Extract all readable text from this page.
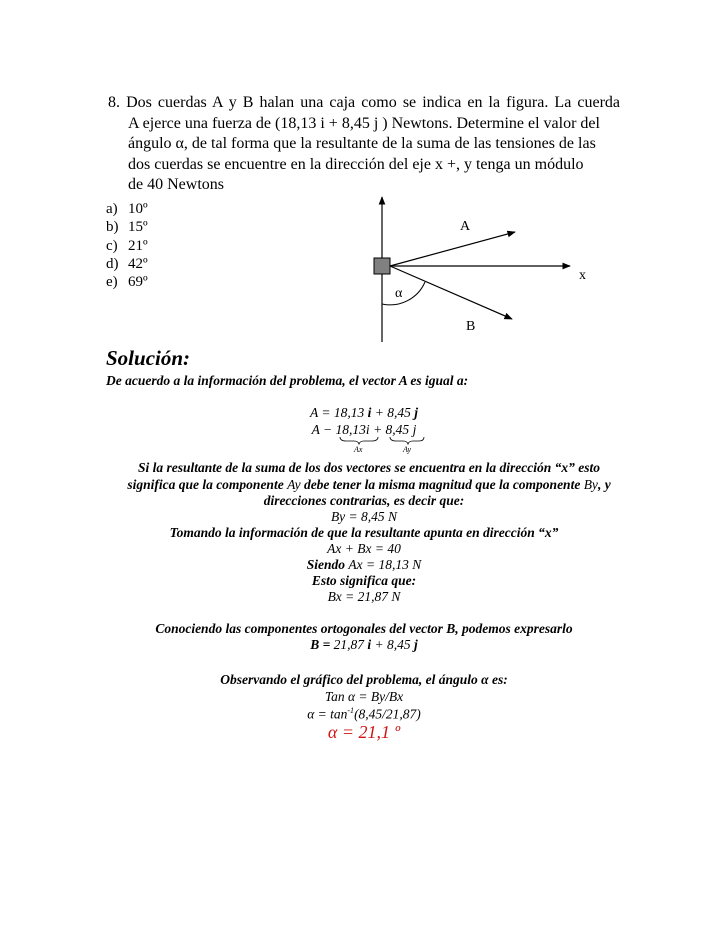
8. Dos cuerdas A y B halan una caja como se indica en la figura. La cuerda
A ejerce una fuerza de (18,13 i + 8,45 j ) Newtons. Determine el valor del
ángulo α, de tal forma que la resultante de la suma de las tensiones de las
dos cuerdas se encuentre en la dirección del eje x +, y tenga un módulo
de 40 Newtons
a) 10º
b) 15º
c) 21º
d) 42º
e) 69º
A
B
x
α
Solución:
De acuerdo a la información del problema, el vector A es igual a:
A = 18,13 i + 8,45 j
A − 18,13i + 8,45 j
Ax	Ay
Si la resultante de la suma de los dos vectores se encuentra en la dirección “x” esto
significa que la componente Ay debe tener la misma magnitud que la componente By, y
direcciones contrarias, es decir que:
By = 8,45 N
Tomando la información de que la resultante apunta en dirección “x”
Ax + Bx = 40
Siendo Ax = 18,13 N
Esto significa que:
Bx = 21,87 N
Conociendo las componentes ortogonales del vector B, podemos expresarlo
B = 21,87 i + 8,45 j
Observando el gráfico del problema, el ángulo α es:
Tan α = By/Bx
$\alpha = \tan^{-1}(8,45/21,87)$
α = 21,1 º
